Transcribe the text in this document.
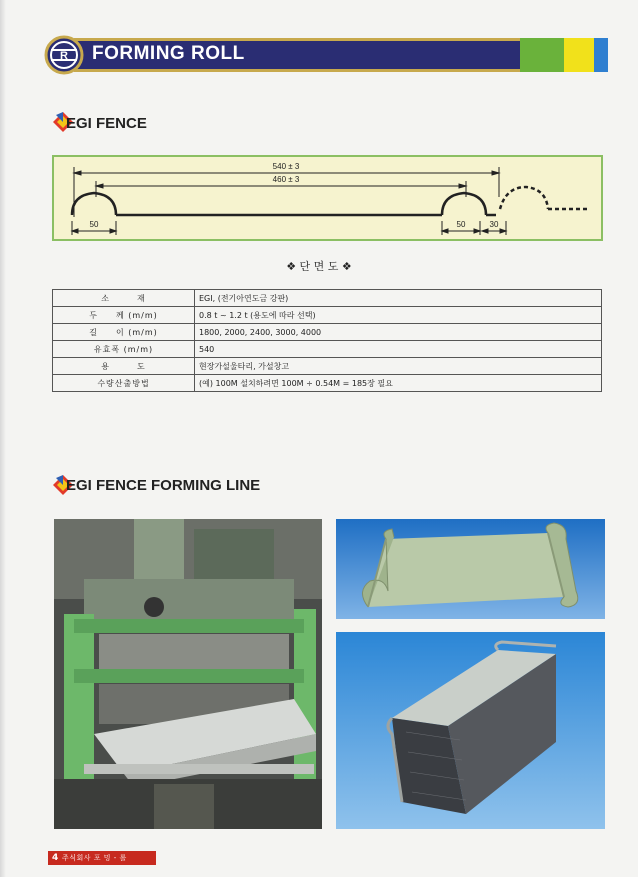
R FORMING ROLL
EGI FENCE
540 ± 3
460 ± 3
50	50	30
❖ 단 면 도 ❖
소　　　재	EGI, (전기아연도금 강판)
두　　께 (m/m)	0.8 t ~ 1.2 t (용도에 따라 선택)
길　　이 (m/m)	1800, 2000, 2400, 3000, 4000
유효폭 (m/m)	540
용　　　도	현장가설울타리, 가설창고
수량산출방법	(예) 100M 설치하려면 100M ÷ 0.54M = 185장 필요
EGI FENCE FORMING LINE
4 주식회사 포 밍 - 롤
